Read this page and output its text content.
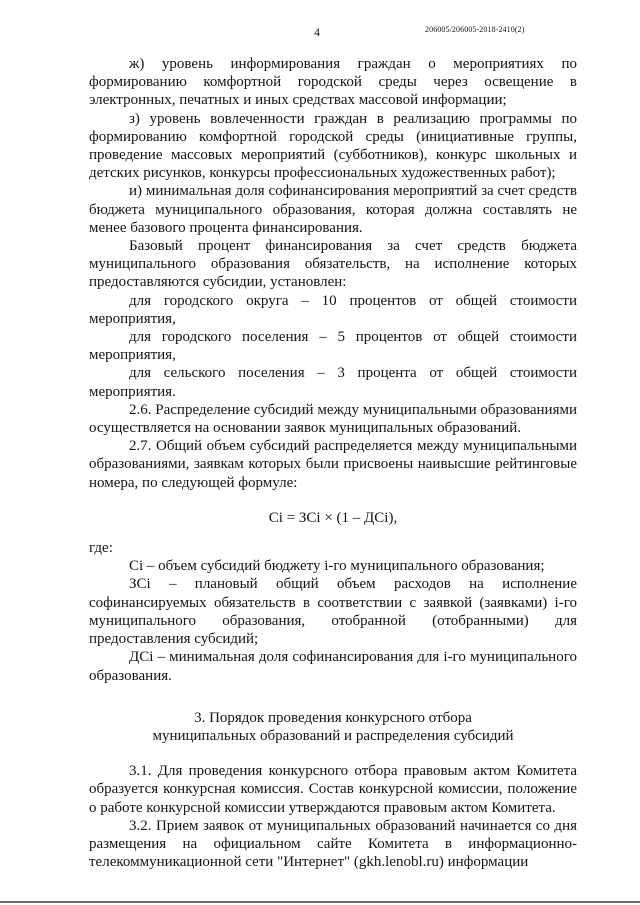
4	206005/206005-2018-2410(2)

ж) уровень информирования граждан о мероприятиях по формированию комфортной городской среды через освещение в электронных, печатных и иных средствах массовой информации;

з) уровень вовлеченности граждан в реализацию программы по формированию комфортной городской среды (инициативные группы, проведение массовых мероприятий (субботников), конкурс школьных и детских рисунков, конкурсы профессиональных художественных работ);

и) минимальная доля софинансирования мероприятий за счет средств бюджета муниципального образования, которая должна составлять не менее базового процента финансирования.

Базовый процент финансирования за счет средств бюджета муниципального образования обязательств, на исполнение которых предоставляются субсидии, установлен:

для городского округа – 10 процентов от общей стоимости мероприятия,

для городского поселения – 5 процентов от общей стоимости мероприятия,

для сельского поселения – 3 процента от общей стоимости мероприятия.

2.6. Распределение субсидий между муниципальными образованиями осуществляется на основании заявок муниципальных образований.

2.7. Общий объем субсидий распределяется между муниципальными образованиями, заявкам которых были присвоены наивысшие рейтинговые номера, по следующей формуле:

Сi = ЗСi × (1 – ДСi),

где:

Сi – объем субсидий бюджету i-го муниципального образования;

ЗСi – плановый общий объем расходов на исполнение софинансируемых обязательств в соответствии с заявкой (заявками) i-го муниципального образования, отобранной (отобранными) для предоставления субсидий;

ДСi – минимальная доля софинансирования для i-го муниципального образования.

3. Порядок проведения конкурсного отбора

муниципальных образований и распределения субсидий

3.1. Для проведения конкурсного отбора правовым актом Комитета образуется конкурсная комиссия. Состав конкурсной комиссии, положение о работе конкурсной комиссии утверждаются правовым актом Комитета.

3.2. Прием заявок от муниципальных образований начинается со дня размещения на официальном сайте Комитета в информационно-телекоммуникационной сети "Интернет" (gkh.lenobl.ru) информации
